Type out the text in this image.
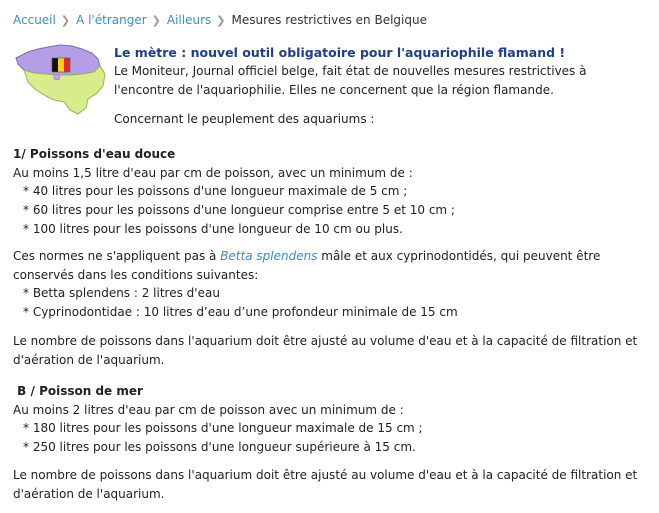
Accueil ❯ A l'étranger ❯ Ailleurs ❯ Mesures restrictives en Belgique
Le mètre : nouvel outil obligatoire pour l'aquariophile flamand !
Le Moniteur, Journal officiel belge, fait état de nouvelles mesures restrictives à l'encontre de l'aquariophilie. Elles ne concernent que la région flamande.
Concernant le peuplement des aquariums :

1/ Poissons d'eau douce

Au moins 1,5 litre d'eau par cm de poisson, avec un minimum de :

* 40 litres pour les poissons d'une longueur maximale de 5 cm ;

* 60 litres pour les poissons d'une longueur comprise entre 5 et 10 cm ;

* 100 litres pour les poissons d'une longueur de 10 cm ou plus.

Ces normes ne s'appliquent pas à Betta splendens mâle et aux cyprinodontidés, qui peuvent être conservés dans les conditions suivantes:

* Betta splendens : 2 litres d'eau

* Cyprinodontidae : 10 litres d’eau d’une profondeur minimale de 15 cm

Le nombre de poissons dans l'aquarium doit être ajusté au volume d'eau et à la capacité de filtration et d'aération de l'aquarium.

B / Poisson de mer

Au moins 2 litres d'eau par cm de poisson avec un minimum de :

* 180 litres pour les poissons d'une longueur maximale de 15 cm ;

* 250 litres pour les poissons d'une longueur supérieure à 15 cm.

Le nombre de poissons dans l'aquarium doit être ajusté au volume d'eau et à la capacité de filtration et d'aération de l'aquarium.
